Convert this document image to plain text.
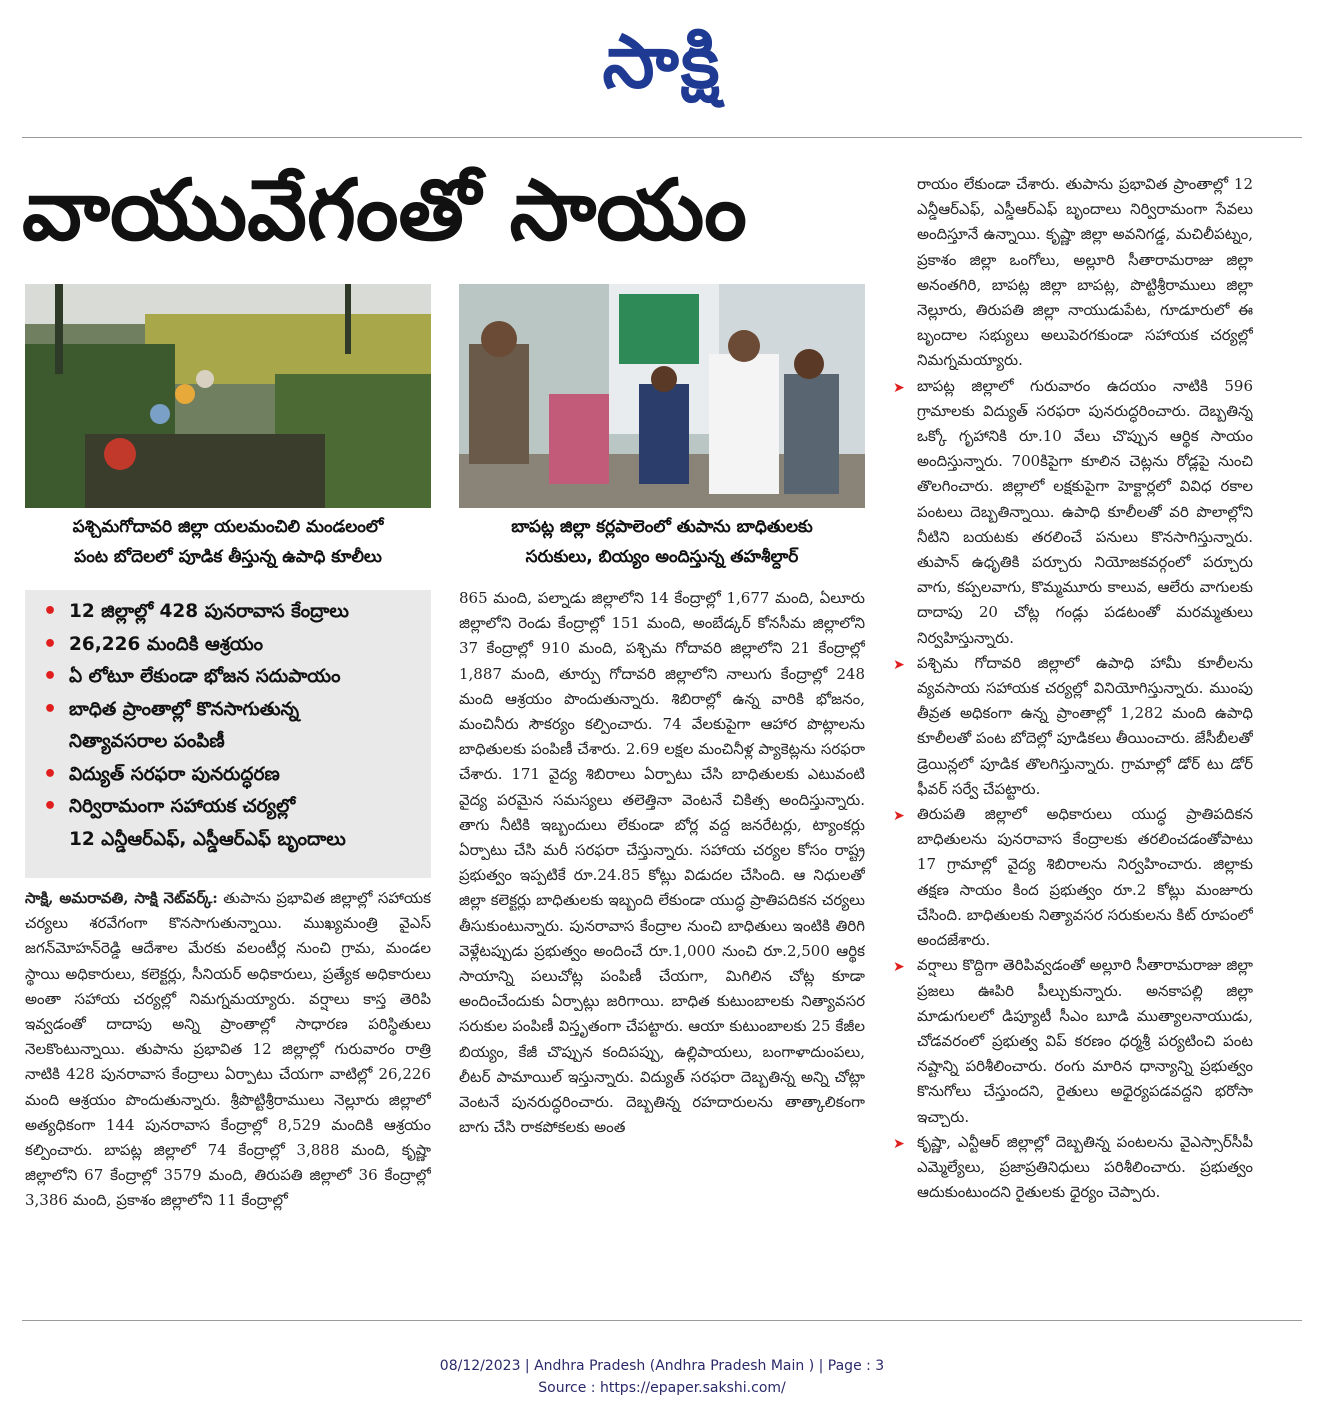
సాక్షి
వాయువేగంతో సాయం
పశ్చిమగోదావరి జిల్లా యలమంచిలి మండలంలో
పంట బోదెలలో పూడిక తీస్తున్న ఉపాధి కూలీలు
బాపట్ల జిల్లా కర్లపాలెంలో తుపాను బాధితులకు
సరుకులు, బియ్యం అందిస్తున్న తహశీల్దార్
• 12 జిల్లాల్లో 428 పునరావాస కేంద్రాలు
• 26,226 మందికి ఆశ్రయం
• ఏ లోటూ లేకుండా భోజన సదుపాయం
• బాధిత ప్రాంతాల్లో కొనసాగుతున్న
నిత్యావసరాల పంపిణీ
• విద్యుత్ సరఫరా పునరుద్ధరణ
• నిర్విరామంగా సహాయక చర్యల్లో
12 ఎన్డీఆర్ఎఫ్, ఎస్డీఆర్ఎఫ్ బృందాలు

సాక్షి, అమరావతి, సాక్షి నెట్‌వర్క్: తుపాను ప్రభావిత జిల్లాల్లో సహాయక చర్యలు శరవేగంగా కొనసాగుతున్నాయి. ముఖ్యమంత్రి వైఎస్ జగన్‌మోహన్‌రెడ్డి ఆదేశాల మేరకు వలంటీర్ల నుంచి గ్రామ, మండల స్థాయి అధికారులు, కలెక్టర్లు, సీనియర్ అధికారులు, ప్రత్యేక అధికారులు అంతా సహాయ చర్యల్లో నిమగ్నమయ్యారు. వర్షాలు కాస్త తెరిపి ఇవ్వడంతో దాదాపు అన్ని ప్రాంతాల్లో సాధారణ పరిస్థితులు నెలకొంటున్నాయి. తుపాను ప్రభావిత 12 జిల్లాల్లో గురువారం రాత్రి నాటికి 428 పునరావాస కేంద్రాలు ఏర్పాటు చేయగా వాటిల్లో 26,226 మంది ఆశ్రయం పొందుతున్నారు. శ్రీపొట్టిశ్రీరాములు నెల్లూరు జిల్లాలో అత్యధికంగా 144 పునరావాస కేంద్రాల్లో 8,529 మందికి ఆశ్రయం కల్పించారు. బాపట్ల జిల్లాలో 74 కేంద్రాల్లో 3,888 మంది, కృష్ణా జిల్లాలోని 67 కేంద్రాల్లో 3579 మంది, తిరుపతి జిల్లాలో 36 కేంద్రాల్లో 3,386 మంది, ప్రకాశం జిల్లాలోని 11 కేంద్రాల్లో

865 మంది, పల్నాడు జిల్లాలోని 14 కేంద్రాల్లో 1,677 మంది, ఏలూరు జిల్లాలోని రెండు కేంద్రాల్లో 151 మంది, అంబేడ్కర్ కోనసీమ జిల్లాలోని 37 కేంద్రాల్లో 910 మంది, పశ్చిమ గోదావరి జిల్లాలోని 21 కేంద్రాల్లో 1,887 మంది, తూర్పు గోదావరి జిల్లాలోని నాలుగు కేంద్రాల్లో 248 మంది ఆశ్రయం పొందుతున్నారు. శిబిరాల్లో ఉన్న వారికి భోజనం, మంచినీరు సౌకర్యం కల్పించారు. 74 వేలకుపైగా ఆహార పొట్లాలను బాధితులకు పంపిణీ చేశారు. 2.69 లక్షల మంచినీళ్ల ప్యాకెట్లను సరఫరా చేశారు. 171 వైద్య శిబిరాలు ఏర్పాటు చేసి బాధితులకు ఎటువంటి వైద్య పరమైన సమస్యలు తలెత్తినా వెంటనే చికిత్స అందిస్తున్నారు. తాగు నీటికి ఇబ్బందులు లేకుండా బోర్ల వద్ద జనరేటర్లు, ట్యాంకర్లు ఏర్పాటు చేసి మరీ సరఫరా చేస్తున్నారు. సహాయ చర్యల కోసం రాష్ట్ర ప్రభుత్వం ఇప్పటికే రూ.24.85 కోట్లు విడుదల చేసింది. ఆ నిధులతో జిల్లా కలెక్టర్లు బాధితులకు ఇబ్బంది లేకుండా యుద్ధ ప్రాతిపదికన చర్యలు తీసుకుంటున్నారు. పునరావాస కేంద్రాల నుంచి బాధితులు ఇంటికి తిరిగి వెళ్లేటప్పుడు ప్రభుత్వం అందించే రూ.1,000 నుంచి రూ.2,500 ఆర్థిక సాయాన్ని పలుచోట్ల పంపిణీ చేయగా, మిగిలిన చోట్ల కూడా అందించేందుకు ఏర్పాట్లు జరిగాయి. బాధిత కుటుంబాలకు నిత్యావసర సరుకుల పంపిణీ విస్తృతంగా చేపట్టారు. ఆయా కుటుంబాలకు 25 కేజీల బియ్యం, కేజీ చొప్పున కందిపప్పు, ఉల్లిపాయలు, బంగాళాదుంపలు, లీటర్ పామాయిల్ ఇస్తున్నారు. విద్యుత్ సరఫరా దెబ్బతిన్న అన్ని చోట్లా వెంటనే పునరుద్ధరించారు. దెబ్బతిన్న రహదారులను తాత్కాలికంగా బాగు చేసి రాకపోకలకు అంత

రాయం లేకుండా చేశారు. తుపాను ప్రభావిత ప్రాంతాల్లో 12 ఎన్డీఆర్ఎఫ్, ఎస్డీఆర్ఎఫ్ బృందాలు నిర్విరామంగా సేవలు అందిస్తూనే ఉన్నాయి. కృష్ణా జిల్లా అవనిగడ్డ, మచిలీపట్నం, ప్రకాశం జిల్లా ఒంగోలు, అల్లూరి సీతారామరాజు జిల్లా అనంతగిరి, బాపట్ల జిల్లా బాపట్ల, పొట్టిశ్రీరాములు జిల్లా నెల్లూరు, తిరుపతి జిల్లా నాయుడుపేట, గూడూరులో ఈ బృందాల సభ్యులు అలుపెరగకుండా సహాయక చర్యల్లో నిమగ్నమయ్యారు.

➤ బాపట్ల జిల్లాలో గురువారం ఉదయం నాటికి 596 గ్రామాలకు విద్యుత్ సరఫరా పునరుద్ధరించారు. దెబ్బతిన్న ఒక్కో గృహానికి రూ.10 వేలు చొప్పున ఆర్థిక సాయం అందిస్తున్నారు. 700కిపైగా కూలిన చెట్లను రోడ్లపై నుంచి తొలగించారు. జిల్లాలో లక్షకుపైగా హెక్టార్లలో వివిధ రకాల పంటలు దెబ్బతిన్నాయి. ఉపాధి కూలీలతో వరి పొలాల్లోని నీటిని బయటకు తరలించే పనులు కొనసాగిస్తున్నారు. తుపాన్ ఉధృతికి పర్చూరు నియోజకవర్గంలో పర్చూరు వాగు, కప్పలవాగు, కొమ్మమూరు కాలువ, ఆలేరు వాగులకు దాదాపు 20 చోట్ల గండ్లు పడటంతో మరమ్మతులు నిర్వహిస్తున్నారు.

➤ పశ్చిమ గోదావరి జిల్లాలో ఉపాధి హామీ కూలీలను వ్యవసాయ సహాయక చర్యల్లో వినియోగిస్తున్నారు. ముంపు తీవ్రత అధికంగా ఉన్న ప్రాంతాల్లో 1,282 మంది ఉపాధి కూలీలతో పంట బోదెల్లో పూడికలు తీయించారు. జేసీబీలతో డ్రెయిన్లలో పూడిక తొలగిస్తున్నారు. గ్రామాల్లో డోర్ టు డోర్ ఫీవర్ సర్వే చేపట్టారు.

➤ తిరుపతి జిల్లాలో అధికారులు యుద్ధ ప్రాతిపదికన బాధితులను పునరావాస కేంద్రాలకు తరలించడంతోపాటు 17 గ్రామాల్లో వైద్య శిబిరాలను నిర్వహించారు. జిల్లాకు తక్షణ సాయం కింద ప్రభుత్వం రూ.2 కోట్లు మంజూరు చేసింది. బాధితులకు నిత్యావసర సరుకులను కిట్ రూపంలో అందజేశారు.

➤ వర్షాలు కొద్దిగా తెరిపివ్వడంతో అల్లూరి సీతారామరాజు జిల్లా ప్రజలు ఊపిరి పీల్చుకున్నారు. అనకాపల్లి జిల్లా మాడుగులలో డిప్యూటీ సీఎం బూడి ముత్యాలనాయుడు, చోడవరంలో ప్రభుత్వ విప్ కరణం ధర్మశ్రీ పర్యటించి పంట నష్టాన్ని పరిశీలించారు. రంగు మారిన ధాన్యాన్ని ప్రభుత్వం కొనుగోలు చేస్తుందని, రైతులు అధైర్యపడవద్దని భరోసా ఇచ్చారు.

➤ కృష్ణా, ఎన్టీఆర్ జిల్లాల్లో దెబ్బతిన్న పంటలను వైఎస్సార్‌సీపీ ఎమ్మెల్యేలు, ప్రజాప్రతినిధులు పరిశీలించారు. ప్రభుత్వం ఆదుకుంటుందని రైతులకు ధైర్యం చెప్పారు.

08/12/2023 | Andhra Pradesh (Andhra Pradesh Main ) | Page : 3
Source : https://epaper.sakshi.com/
